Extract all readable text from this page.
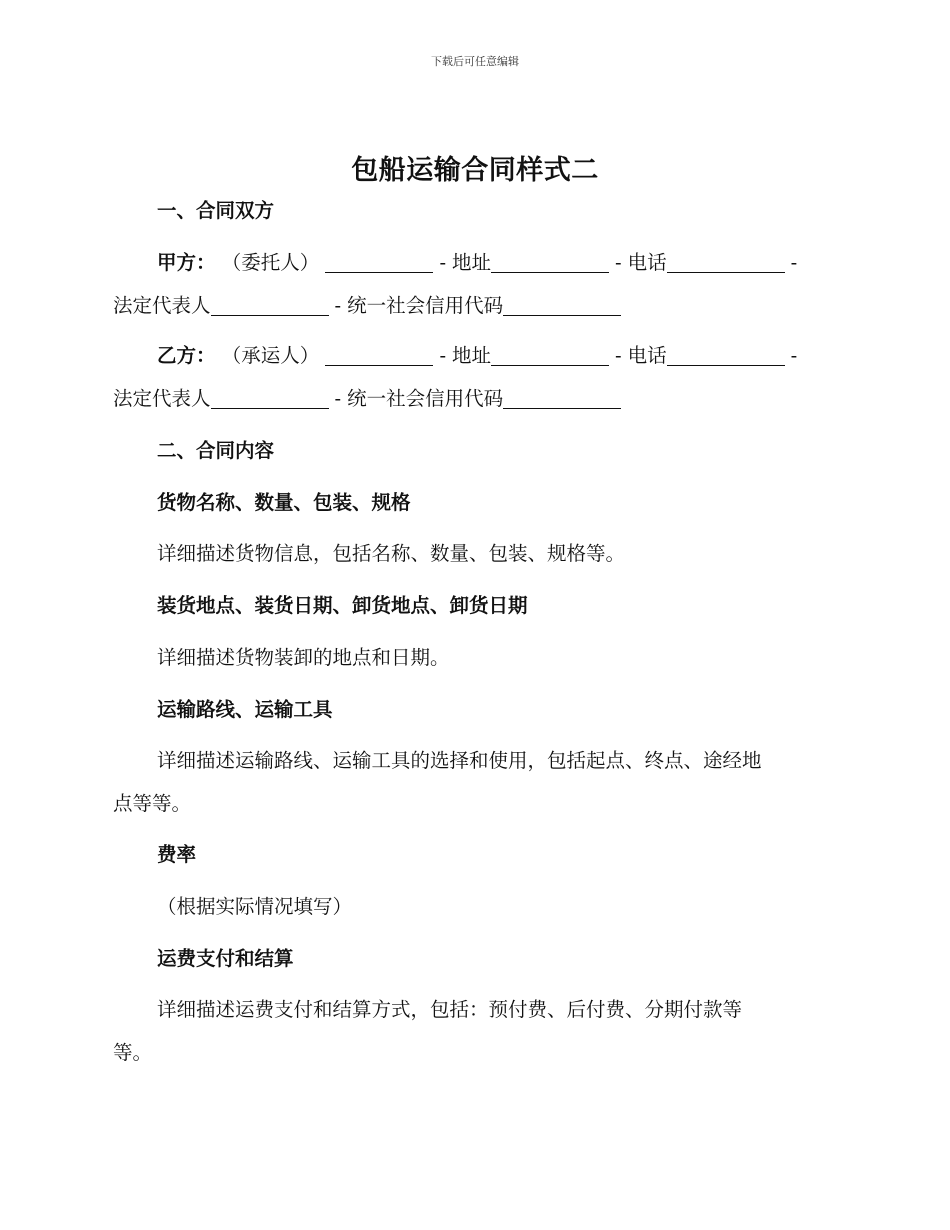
下载后可任意编辑
包船运输合同样式二
一、合同双方
甲方： （委托人）	- 地址	- 电话	-
法定代表人	- 统一社会信用代码
乙方： （承运人）	- 地址	- 电话	-
法定代表人	- 统一社会信用代码
二、合同内容
货物名称、数量、包装、规格
详细描述货物信息，包括名称、数量、包装、规格等。
装货地点、装货日期、卸货地点、卸货日期
详细描述货物装卸的地点和日期。
运输路线、运输工具
详细描述运输路线、运输工具的选择和使用，包括起点、终点、途经地
点等等。
费率
（根据实际情况填写）
运费支付和结算
详细描述运费支付和结算方式，包括：预付费、后付费、分期付款等
等。
